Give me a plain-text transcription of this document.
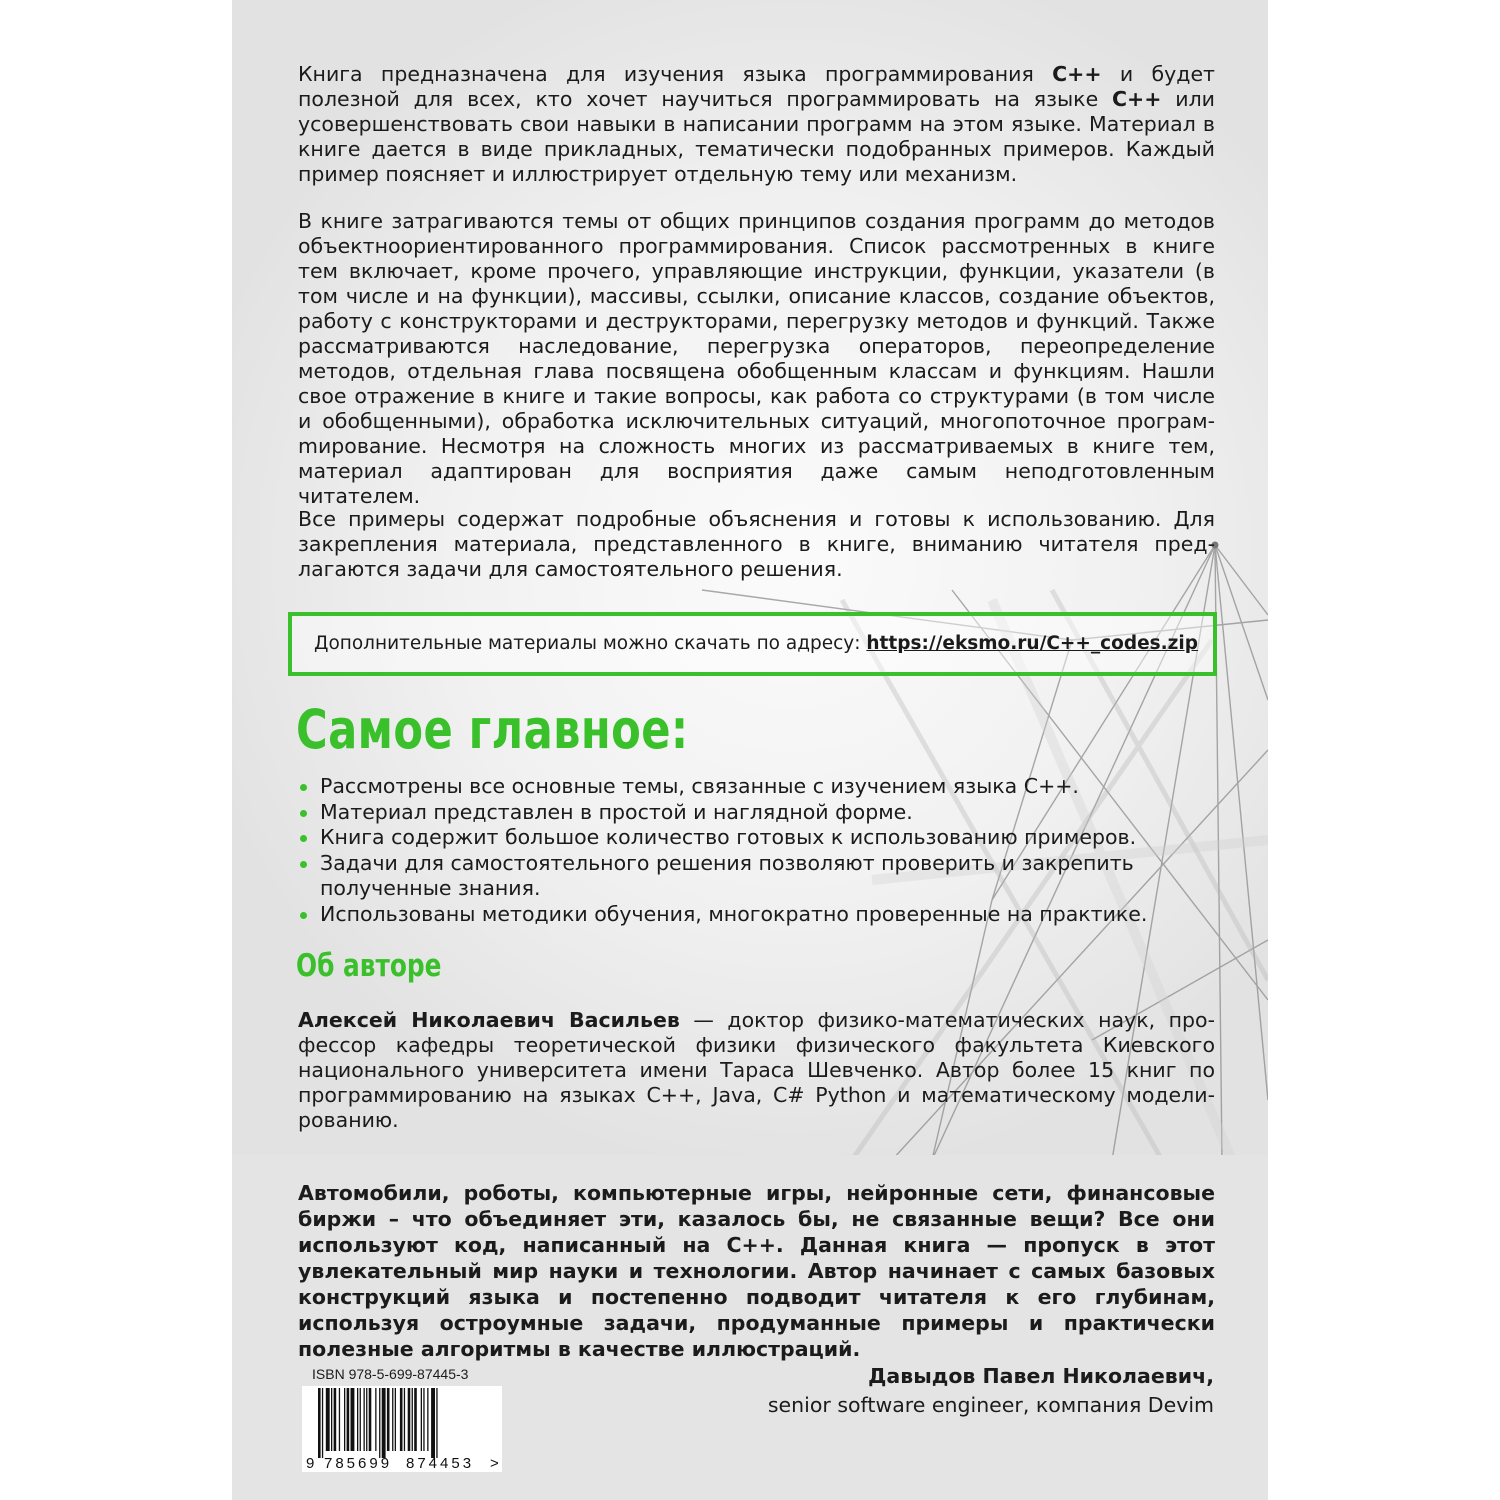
Книга предназначена для изучения языка программирования C++ и будет полезной для всех, кто хочет научиться программировать на языке C++ или усовершенствовать свои навыки в написании программ на этом языке. Материал в книге дается в виде прикладных, тематически подобранных примеров. Каждый пример поясняет и иллюстрирует отдельную тему или механизм.

В книге затрагиваются темы от общих принципов создания программ до методов объектноориентированного программирования. Список рассмотренных в книге тем включает, кроме прочего, управляющие инструкции, функции, указатели (в том числе и на функции), массивы, ссылки, описание классов, создание объектов, работу с конструкторами и деструкторами, перегрузку методов и функций. Также рассматриваются наследование, перегрузка операторов, переопределение методов, отдельная глава посвящена обобщенным классам и функциям. Нашли свое отражение в книге и такие вопросы, как работа со структурами (в том числе и обобщенными), обработка исключительных ситуаций, многопоточное програмmирование. Несмотря на сложность многих из рассматриваемых в книге тем, материал адаптирован для восприятия даже самым неподготовленным читателем.

Все примеры содержат подробные объяснения и готовы к использованию. Для закрепления материала, представленного в книге, вниманию читателя предлагаются задачи для самостоятельного решения.

Дополнительные материалы можно скачать по адресу: https://eksmo.ru/C++_codes.zip
Самое главное:
Рассмотрены все основные темы, связанные с изучением языка С++.
Материал представлен в простой и наглядной форме.
Книга содержит большое количество готовых к использованию примеров.
Задачи для самостоятельного решения позволяют проверить и закрепить полученные знания.
Использованы методики обучения, многократно проверенные на практике.
Об авторе

Алексей Николаевич Васильев — доктор физико-математических наук, профессор кафедры теоретической физики физического факультета Киевского национального университета имени Тараса Шевченко. Автор более 15 книг по программированию на языках С++, Java, C# Python и математическому моделированию.

Автомобили, роботы, компьютерные игры, нейронные сети, финансовые биржи – что объединяет эти, казалось бы, не связанные вещи? Все они используют код, написанный на С++. Данная книга — пропуск в этот увлекательный мир науки и технологии. Автор начинает с самых базовых конструкций языка и постепенно подводит читателя к его глубинам, используя остроумные задачи, продуманные примеры и практически полезные алгоритмы в качестве иллюстраций.

ISBN 978-5-699-87445-3
9 785699 874453 >
Давыдов Павел Николаевич,
senior software engineer, компания Devim
